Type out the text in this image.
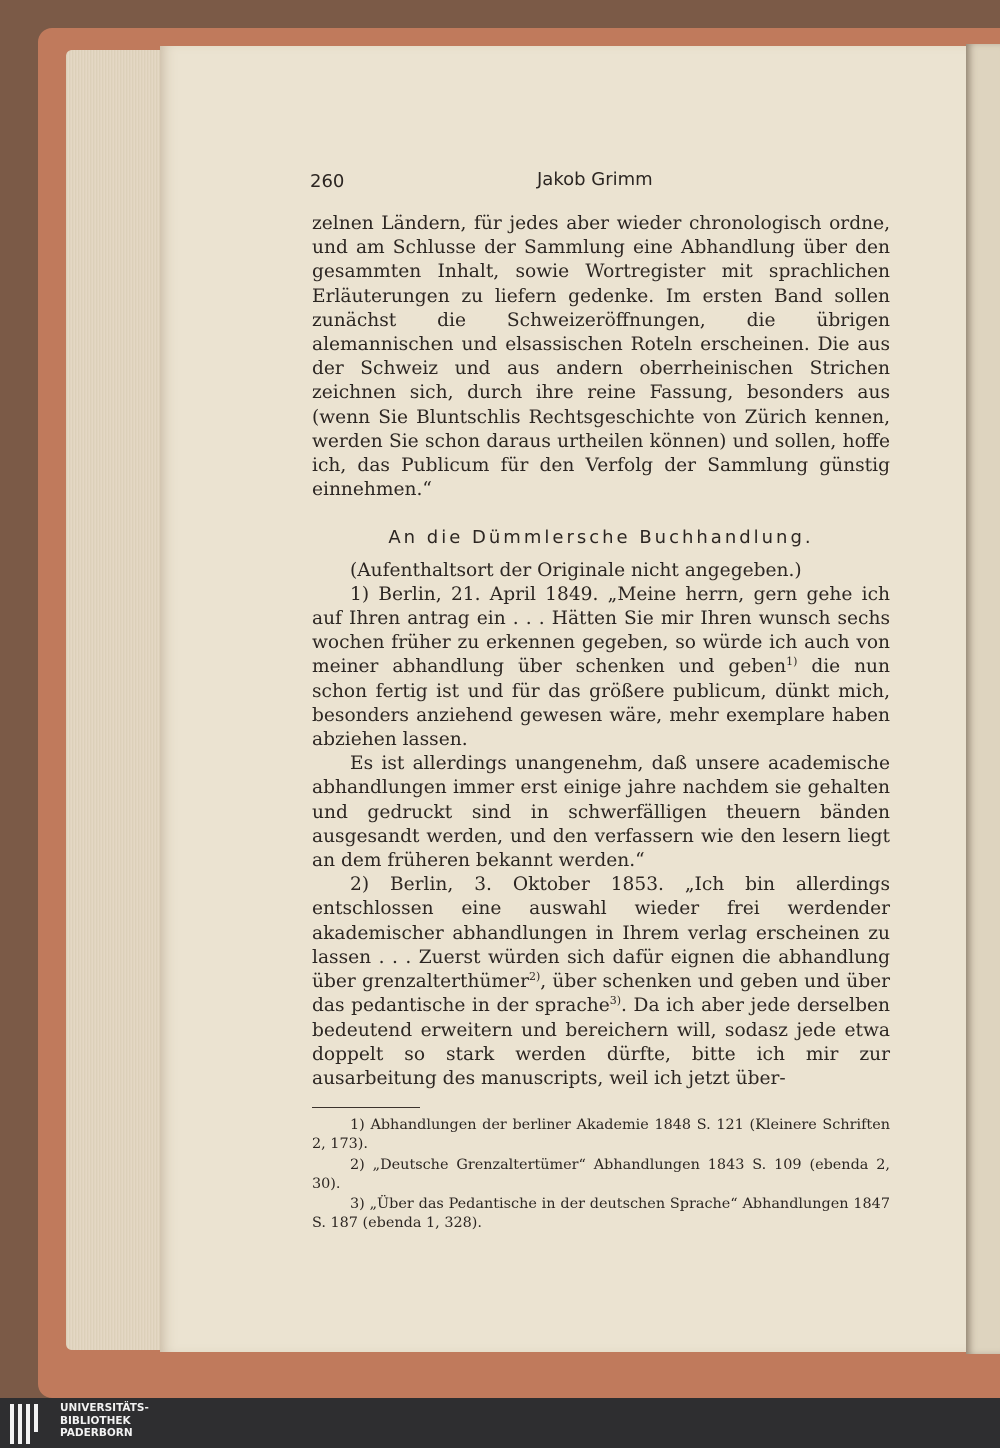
260	Jakob Grimm

zelnen Ländern, für jedes aber wieder chronologisch ordne, und am Schlusse der Sammlung eine Abhandlung über den gesammten Inhalt, sowie Wortregister mit sprachlichen Erläuterungen zu liefern gedenke. Im ersten Band sollen zunächst die Schweizeröffnungen, die übrigen alemannischen und elsassischen Roteln erscheinen. Die aus der Schweiz und aus andern oberrheinischen Strichen zeichnen sich, durch ihre reine Fassung, besonders aus (wenn Sie Bluntschlis Rechtsgeschichte von Zürich kennen, werden Sie schon daraus urtheilen können) und sollen, hoffe ich, das Publicum für den Verfolg der Sammlung günstig einnehmen.“

An die Dümmlersche Buchhandlung.

(Aufenthaltsort der Originale nicht angegeben.)

1) Berlin, 21. April 1849. „Meine herrn, gern gehe ich auf Ihren antrag ein . . . Hätten Sie mir Ihren wunsch sechs wochen früher zu erkennen gegeben, so würde ich auch von meiner abhandlung über schenken und geben$^{1)}$ die nun schon fertig ist und für das größere publicum, dünkt mich, besonders anziehend gewesen wäre, mehr exemplare haben abziehen lassen.

Es ist allerdings unangenehm, daß unsere academische abhandlungen immer erst einige jahre nachdem sie gehalten und gedruckt sind in schwerfälligen theuern bänden ausgesandt werden, und den verfassern wie den lesern liegt an dem früheren bekannt werden.“

2) Berlin, 3. Oktober 1853. „Ich bin allerdings entschlossen eine auswahl wieder frei werdender akademischer abhandlungen in Ihrem verlag erscheinen zu lassen . . . Zuerst würden sich dafür eignen die abhandlung über grenzalterthümer$^{2)}$, über schenken und geben und über das pedantische in der sprache$^{3)}$. Da ich aber jede derselben bedeutend erweitern und bereichern will, sodasz jede etwa doppelt so stark werden dürfte, bitte ich mir zur ausarbeitung des manuscripts, weil ich jetzt über-

1) Abhandlungen der berliner Akademie 1848 S. 121 (Kleinere Schriften 2, 173).

2) „Deutsche Grenzaltertümer“ Abhandlungen 1843 S. 109 (ebenda 2, 30).

3) „Über das Pedantische in der deutschen Sprache“ Abhandlungen 1847 S. 187 (ebenda 1, 328).

UNIVERSITÄTS-
BIBLIOTHEK
PADERBORN
